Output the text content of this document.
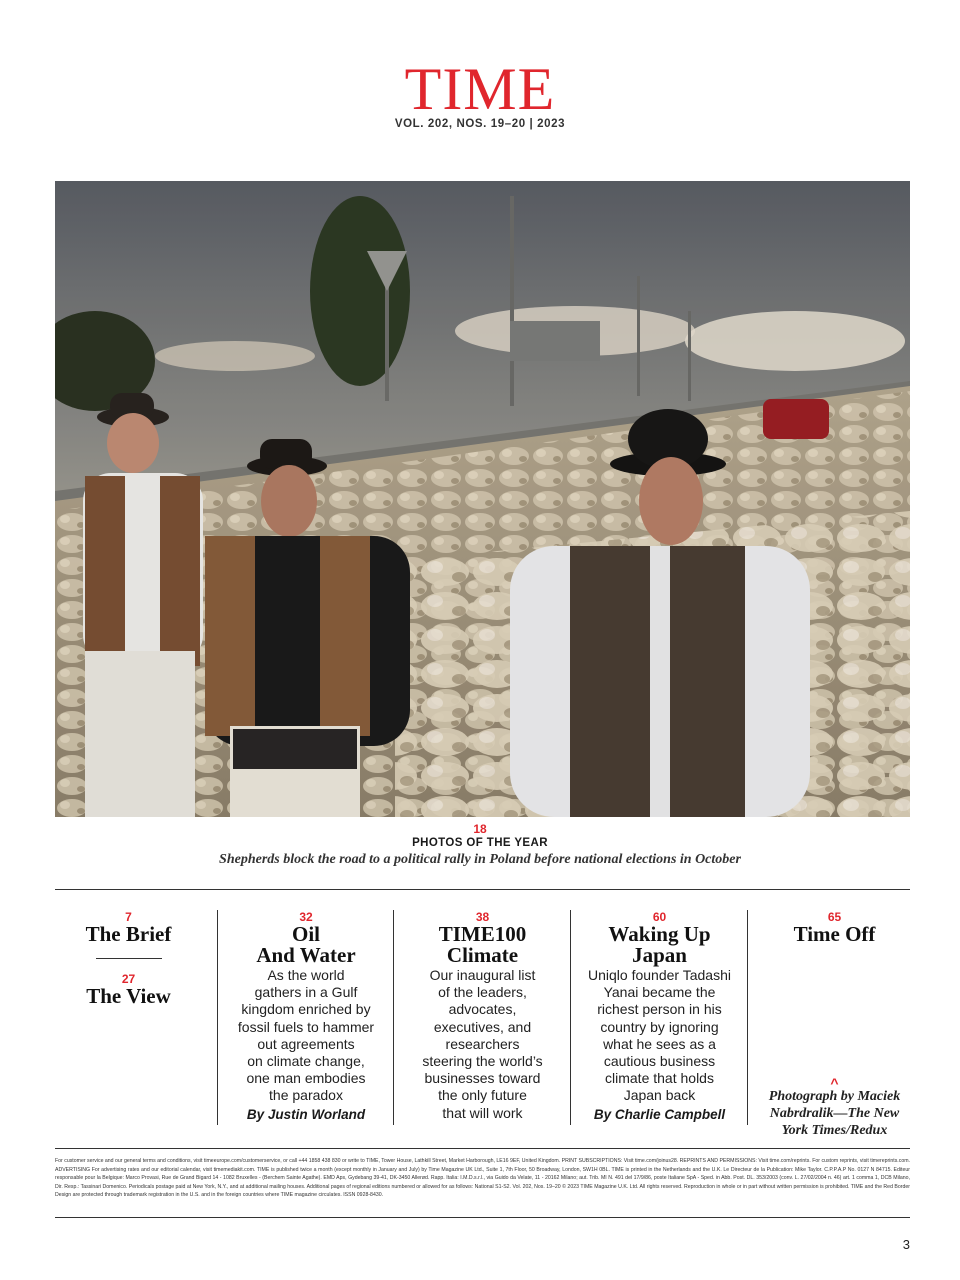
TIME
VOL. 202, NOS. 19–20 | 2023
18
PHOTOS OF THE YEAR
Shepherds block the road to a political rally in Poland before national elections in October
7
The Brief
27
The View
32
Oil
And Water
As the world
gathers in a Gulf
kingdom enriched by
fossil fuels to hammer
out agreements
on climate change,
one man embodies
the paradox
By Justin Worland
38
TIME100
Climate
Our inaugural list
of the leaders,
advocates,
executives, and
researchers
steering the world’s
businesses toward
the only future
that will work
60
Waking Up
Japan
Uniqlo founder Tadashi
Yanai became the
richest person in his
country by ignoring
what he sees as a
cautious business
climate that holds
Japan back
By Charlie Campbell
65
Time Off
^
Photograph by Maciek
Nabrdralik—The New
York Times/Redux
For customer service and our general terms and conditions, visit timeeurope.com/customerservice, or call +44 1858 438 830 or write to TIME, Tower House, Lathkill Street, Market Harborough, LE16 9EF, United Kingdom. PRINT SUBSCRIPTIONS: Visit time.com/joinus28. REPRINTS AND PERMISSIONS: Visit time.com/reprints. For custom reprints, visit timereprints.com. ADVERTISING For advertising rates and our editorial calendar, visit timemediakit.com. TIME is published twice a month (except monthly in January and July) by Time Magazine UK Ltd., Suite 1, 7th Floor, 50 Broadway, London, SW1H 0BL. TIME is printed in the Netherlands and the U.K. Le Directeur de la Publication: Mike Taylor. C.P.P.A.P No. 0127 N 84715. Editeur responsable pour la Belgique: Marco Provasi, Rue de Grand Bigard 14 - 1082 Bruxelles - (Berchem Sainte Agathe). EMD Aps, Gydebang 39-41, DK-3450 Allerød. Rapp. Italia: I.M.D.s.r.l., via Guido da Velate, 11 - 20162 Milano; aut. Trib. MI N. 491 del 17/9/86, poste Italiane SpA - Sped. in Abb. Post. DL. 353/2003 (conv. L. 27/02/2004 n. 46) art. 1 comma 1, DCB Milano, Dir. Resp.: Tassinari Domenico. Periodicals postage paid at New York, N.Y., and at additional mailing houses. Additional pages of regional editions numbered or allowed for as follows: National S1-S2. Vol. 202, Nos. 19–20 © 2023 TIME Magazine U.K. Ltd. All rights reserved. Reproduction in whole or in part without written permission is prohibited. TIME and the Red Border Design are protected through trademark registration in the U.S. and in the foreign countries where TIME magazine circulates. ISSN 0928-8430.
3
